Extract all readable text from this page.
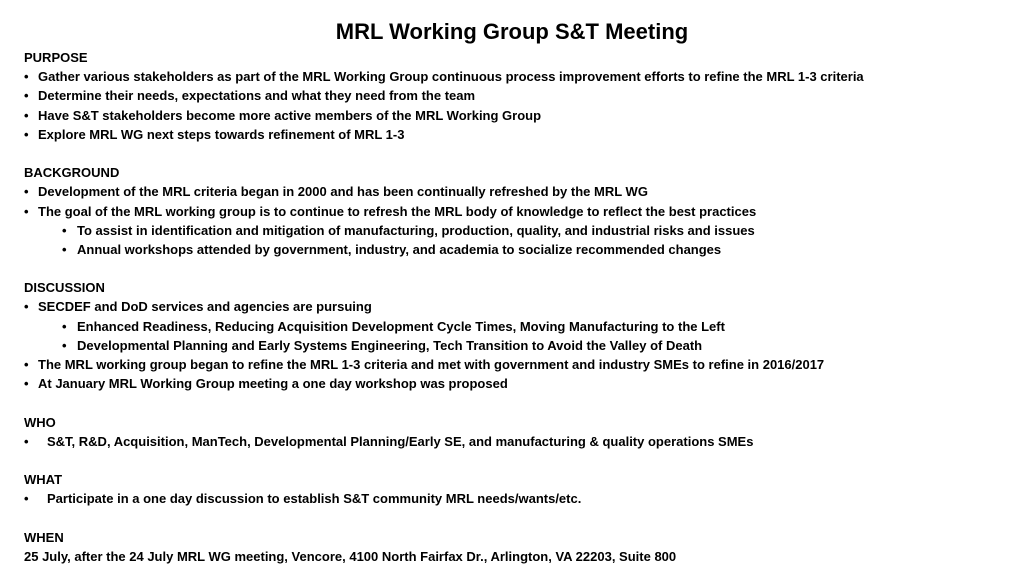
MRL Working Group S&T Meeting
PURPOSE
• Gather various stakeholders as part of the MRL Working Group continuous process improvement efforts to refine the MRL 1-3 criteria
• Determine their needs, expectations and what they need from the team
• Have S&T stakeholders become more active members of the MRL Working Group
• Explore MRL WG next steps towards refinement of MRL 1-3
BACKGROUND
• Development of the MRL criteria began in 2000 and has been continually refreshed by the MRL WG
• The goal of the MRL working group is to continue to refresh the MRL body of knowledge to reflect the best practices
• To assist in identification and mitigation of manufacturing, production, quality, and industrial risks and issues
• Annual workshops attended by government, industry, and academia to socialize recommended changes
DISCUSSION
• SECDEF and DoD services and agencies are pursuing
• Enhanced Readiness, Reducing Acquisition Development Cycle Times, Moving Manufacturing to the Left
• Developmental Planning and Early Systems Engineering, Tech Transition to Avoid the Valley of Death
• The MRL working group began to refine the MRL 1-3 criteria and met with government and industry SMEs to refine in 2016/2017
• At January MRL Working Group meeting a one day workshop was proposed
WHO
• S&T, R&D, Acquisition, ManTech, Developmental Planning/Early SE, and manufacturing & quality operations SMEs
WHAT
• Participate in a one day discussion to establish S&T community MRL needs/wants/etc.
WHEN
25 July, after the 24 July MRL WG meeting, Vencore, 4100 North Fairfax Dr., Arlington, VA 22203, Suite 800
